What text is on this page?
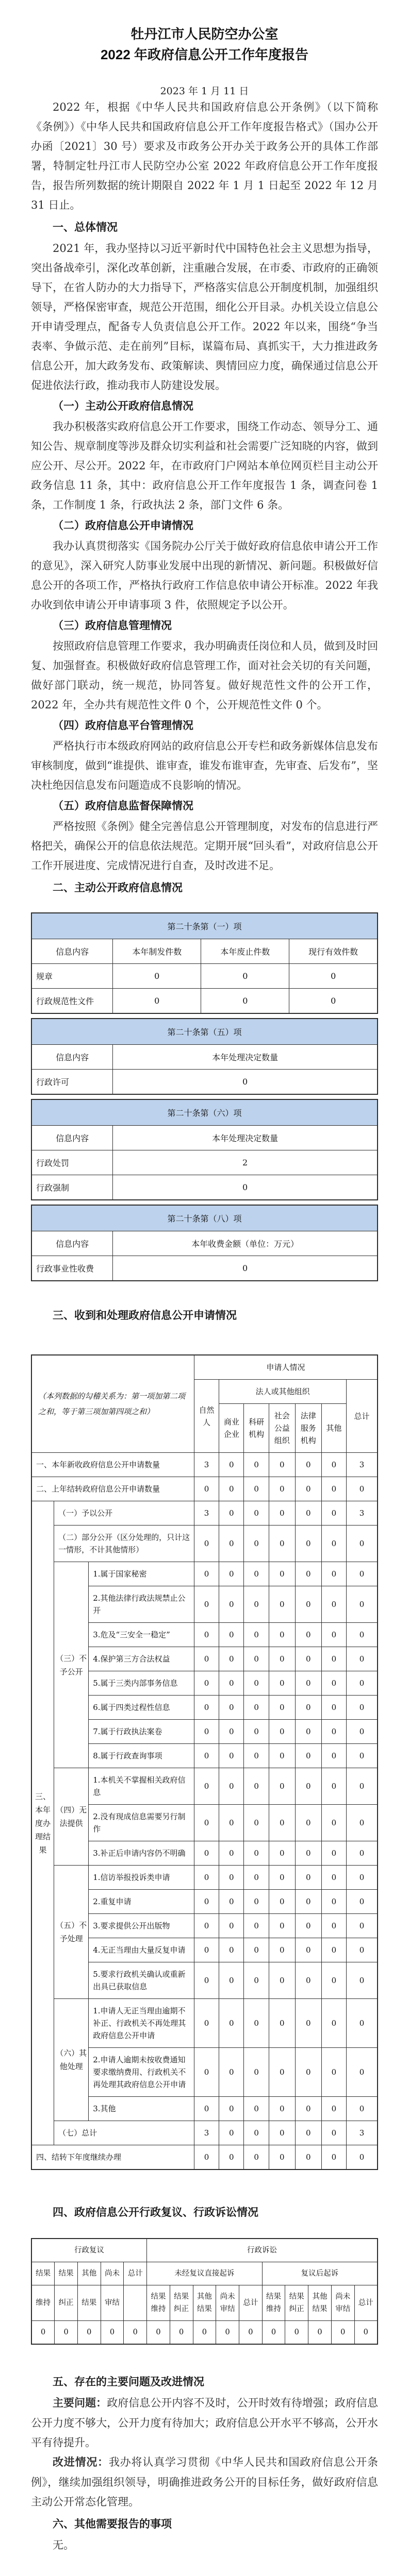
牡丹江市人民防空办公室
2022 年政府信息公开工作年度报告
2023 年 1 月 11 日

2022 年，根据《中华人民共和国政府信息公开条例》（以下简称《条例》）《中华人民共和国政府信息公开工作年度报告格式》（国办公开办函〔2021〕30 号）要求及市政务公开办关于政务公开的具体工作部署，特制定牡丹江市人民防空办公室 2022 年政府信息公开工作年度报告，报告所列数据的统计期限自 2022 年 1 月 1 日起至 2022 年 12 月 31 日止。

一、总体情况

2021 年，我办坚持以习近平新时代中国特色社会主义思想为指导，突出备战牵引，深化改革创新，注重融合发展，在市委、市政府的正确领导下，在省人防办的大力指导下，严格落实信息公开制度机制，加强组织领导，严格保密审查，规范公开范围，细化公开目录。办机关设立信息公开申请受理点，配备专人负责信息公开工作。2022 年以来，围绕“争当表率、争做示范、走在前列”目标，谋篇布局、真抓实干，大力推进政务信息公开，加大政务发布、政策解读、舆情回应力度，确保通过信息公开促进依法行政，推动我市人防建设发展。

（一）主动公开政府信息情况

我办积极落实政府信息公开工作要求，围绕工作动态、领导分工、通知公告、规章制度等涉及群众切实利益和社会需要广泛知晓的内容，做到应公开、尽公开。2022 年，在市政府门户网站本单位网页栏目主动公开政务信息 11 条，其中：政府信息公开工作年度报告 1 条，调查问卷 1 条，工作制度 1 条，行政执法 2 条，部门文件 6 条。

（二）政府信息公开申请情况

我办认真贯彻落实《国务院办公厅关于做好政府信息依申请公开工作的意见》，深入研究人防事业发展中出现的新情况、新问题。积极做好信息公开的各项工作，严格执行政府工作信息依申请公开标准。2022 年我办收到依申请公开申请事项 3 件，依照规定予以公开。

（三）政府信息管理情况

按照政府信息管理工作要求，我办明确责任岗位和人员，做到及时回复、加强督查。积极做好政府信息管理工作，面对社会关切的有关问题，做好部门联动，统一规范，协同答复。做好规范性文件的公开工作，2022 年，全办共有规范性文件 0 个，公开规范性文件 0 个。

（四）政府信息平台管理情况

严格执行市本级政府网站的政府信息公开专栏和政务新媒体信息发布审核制度，做到“谁提供、谁审查，谁发布谁审查，先审查、后发布”，坚决杜绝因信息发布问题造成不良影响的情况。

（五）政府信息监督保障情况

严格按照《条例》健全完善信息公开管理制度，对发布的信息进行严格把关，确保公开的信息依法规范。定期开展“回头看”，对政府信息公开工作开展进度、完成情况进行自查，及时改进不足。

二、主动公开政府信息情况
第二十条第（一）项			
信息内容	本年制发件数	本年废止件数	现行有效件数
规章	0	0	0
行政规范性文件	0	0	0
第二十条第（五）项	
信息内容	本年处理决定数量
行政许可	0
第二十条第（六）项	
信息内容	本年处理决定数量
行政处罚	2
行政强制	0
第二十条第（八）项	
信息内容	本年收费金额（单位：万元）
行政事业性收费	0
三、收到和处理政府信息公开申请情况
（本列数据的勾稽关系为：第一项加第二项之和，等于第三项加第四项之和）			申请人情况						
			自然人	法人或其他组织					总计
				商业企业	科研机构	社会公益组织	法律服务机构	其他	
一、本年新收政府信息公开申请数量			3	0	0	0	0	0	3
二、上年结转政府信息公开申请数量			0	0	0	0	0	0	0
三、本年度办理结果	（一）予以公开		3	0	0	0	0	0	3
	（二）部分公开（区分处理的，只计这一情形，不计其他情形）		0	0	0	0	0	0	0
	（三）不予公开	1.属于国家秘密	0	0	0	0	0	0	0
		2.其他法律行政法规禁止公开	0	0	0	0	0	0	0
		3.危及“三安全一稳定”	0	0	0	0	0	0	0
		4.保护第三方合法权益	0	0	0	0	0	0	0
		5.属于三类内部事务信息	0	0	0	0	0	0	0
		6.属于四类过程性信息	0	0	0	0	0	0	0
		7.属于行政执法案卷	0	0	0	0	0	0	0
		8.属于行政查询事项	0	0	0	0	0	0	0
	（四）无法提供	1.本机关不掌握相关政府信息	0	0	0	0	0	0	0
		2.没有现成信息需要另行制作	0	0	0	0	0	0	0
		3.补正后申请内容仍不明确	0	0	0	0	0	0	0
	（五）不予处理	1.信访举报投诉类申请	0	0	0	0	0	0	0
		2.重复申请	0	0	0	0	0	0	0
		3.要求提供公开出版物	0	0	0	0	0	0	0
		4.无正当理由大量反复申请	0	0	0	0	0	0	0
		5.要求行政机关确认或重新出具已获取信息	0	0	0	0	0	0	0
	（六）其他处理	1.申请人无正当理由逾期不补正、行政机关不再处理其政府信息公开申请	0	0	0	0	0	0	0
		2.申请人逾期未按收费通知要求缴纳费用、行政机关不再处理其政府信息公开申请	0	0	0	0	0	0	0
		3.其他	0	0	0	0	0	0	0
	（七）总计		3	0	0	0	0	0	3
四、结转下年度继续办理			0	0	0	0	0	0	0
四、政府信息公开行政复议、行政诉讼情况
行政复议					行政诉讼									
结果	结果	其他	尚未	总计	未经复议直接起诉					复议后起诉				
维持	纠正	结果	审结		结果维持	结果纠正	其他结果	尚未审结	总计	结果维持	结果纠正	其他结果	尚未审结	总计
0	0	0	0	0	0	0	0	0	0	0	0	0	0	0
五、存在的主要问题及改进情况

主要问题：政府信息公开内容不及时，公开时效有待增强；政府信息公开力度不够大，公开力度有待加大；政府信息公开水平不够高，公开水平有待提升。

改进情况：我办将认真学习贯彻《中华人民共和国政府信息公开条例》，继续加强组织领导，明确推进政务公开的目标任务，做好政府信息主动公开常态化管理。

六、其他需要报告的事项

无。
